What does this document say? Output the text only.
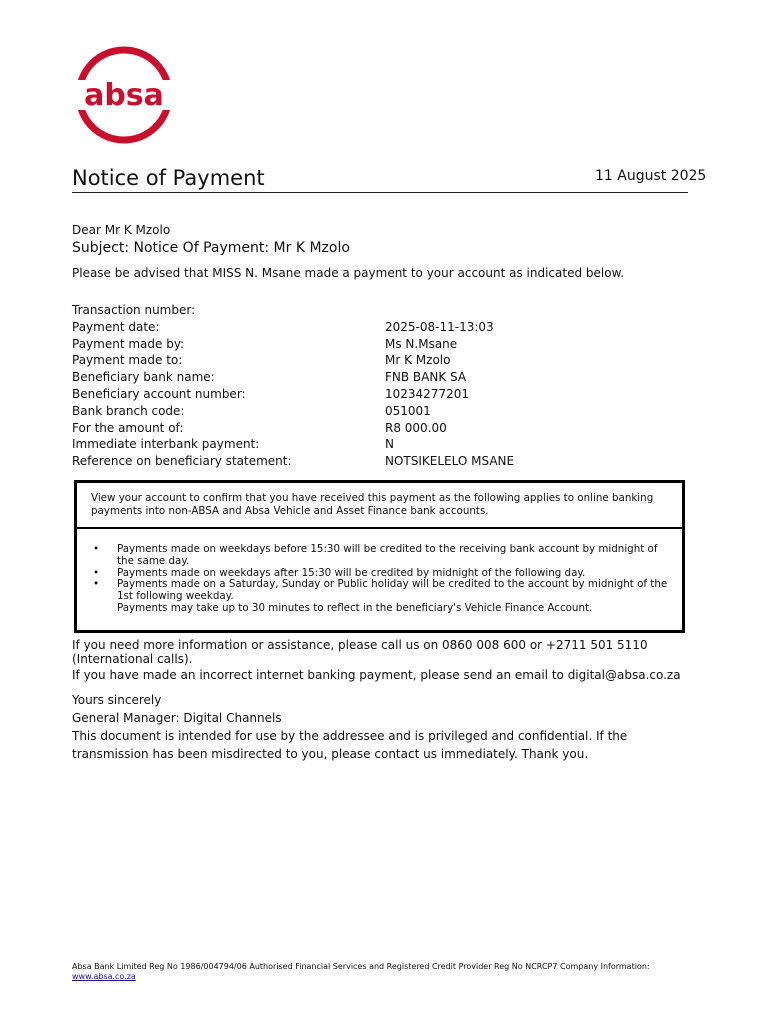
absa
Notice of Payment	11 August 2025
Dear Mr K Mzolo
Subject: Notice Of Payment: Mr K Mzolo
Please be advised that MISS N. Msane made a payment to your account as indicated below.
Transaction number:
Payment date:	2025-08-11-13:03
Payment made by:	Ms N.Msane
Payment made to:	Mr K Mzolo
Beneficiary bank name:	FNB BANK SA
Beneficiary account number:	10234277201
Bank branch code:	051001
For the amount of:	R8 000.00
Immediate interbank payment:	N
Reference on beneficiary statement:	NOTSIKELELO MSANE
View your account to confirm that you have received this payment as the following applies to online banking payments into non-ABSA and Absa Vehicle and Asset Finance bank accounts.
• Payments made on weekdays before 15:30 will be credited to the receiving bank account by midnight of the same day.
• Payments made on weekdays after 15:30 will be credited by midnight of the following day.
• Payments made on a Saturday, Sunday or Public holiday will be credited to the account by midnight of the 1st following weekday.
Payments may take up to 30 minutes to reflect in the beneficiary's Vehicle Finance Account.
If you need more information or assistance, please call us on 0860 008 600 or +2711 501 5110 (International calls).
If you have made an incorrect internet banking payment, please send an email to digital@absa.co.za
Yours sincerely
General Manager: Digital Channels
This document is intended for use by the addressee and is privileged and confidential. If the transmission has been misdirected to you, please contact us immediately. Thank you.
Absa Bank Limited Reg No 1986/004794/06 Authorised Financial Services and Registered Credit Provider Reg No NCRCP7 Company Information:
www.absa.co.za
